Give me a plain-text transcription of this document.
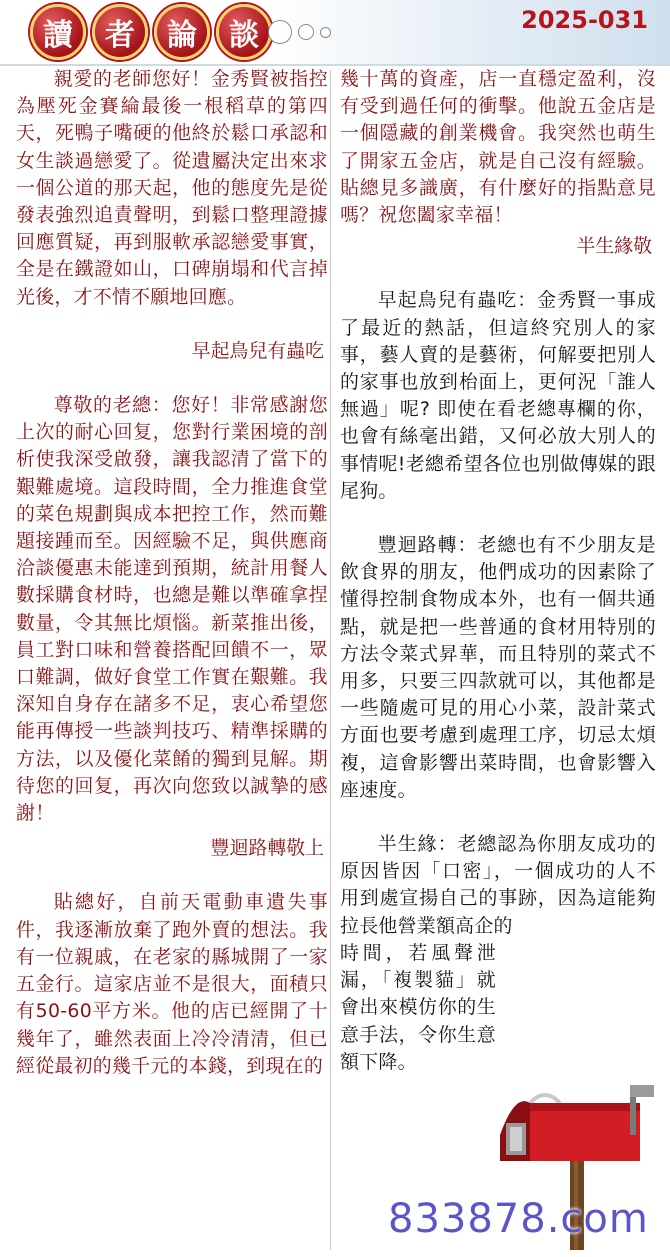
讀	者	論	談	2025-031

親愛的老師您好！金秀賢被指控為壓死金賽綸最後一根稻草的第四天，死鴨子嘴硬的他終於鬆口承認和女生談過戀愛了。從遺屬決定出來求一個公道的那天起，他的態度先是從發表強烈追責聲明，到鬆口整理證據回應質疑，再到服軟承認戀愛事實，全是在鐵證如山，口碑崩塌和代言掉光後，才不情不願地回應。

早起鳥兒有蟲吃

尊敬的老總：您好！非常感謝您上次的耐心回复，您對行業困境的剖析使我深受啟發，讓我認清了當下的艱難處境。這段時間，全力推進食堂的菜色規劃與成本把控工作，然而難題接踵而至。因經驗不足，與供應商洽談優惠未能達到預期，統計用餐人數採購食材時，也總是難以準確拿捏數量，令其無比煩惱。新菜推出後，員工對口味和營養搭配回饋不一，眾口難調，做好食堂工作實在艱難。我深知自身存在諸多不足，衷心希望您能再傳授一些談判技巧、精準採購的方法，以及優化菜餚的獨到見解。期待您的回复，再次向您致以誠摯的感謝！

豐迴路轉敬上

貼總好，自前天電動車遺失事件，我逐漸放棄了跑外賣的想法。我有一位親戚，在老家的縣城開了一家五金行。這家店並不是很大，面積只有50-60平方米。他的店已經開了十幾年了，雖然表面上冷冷清清，但已經從最初的幾千元的本錢，到現在的

幾十萬的資產，店一直穩定盈利，沒有受到過任何的衝擊。他說五金店是一個隱藏的創業機會。我突然也萌生了開家五金店，就是自己沒有經驗。貼總見多識廣，有什麼好的指點意見嗎？祝您闔家幸福！

半生緣敬

早起鳥兒有蟲吃：金秀賢一事成了最近的熱話，但這終究別人的家事，藝人賣的是藝術，何解要把別人的家事也放到枱面上，更何況「誰人無過」呢? 即使在看老總專欄的你，也會有絲毫出錯，又何必放大別人的事情呢!老總希望各位也別做傳媒的跟尾狗。

豐迴路轉：老總也有不少朋友是飲食界的朋友，他們成功的因素除了懂得控制食物成本外，也有一個共通點，就是把一些普通的食材用特別的方法令菜式昇華，而且特別的菜式不用多，只要三四款就可以，其他都是一些隨處可見的用心小菜，設計菜式方面也要考慮到處理工序，切忌太煩複，這會影響出菜時間，也會影響入座速度。

半生緣：老總認為你朋友成功的原因皆因「口密」，一個成功的人不用到處宣揚自己的事跡，因為這能夠拉長他營業額高企的

時間，若風聲泄漏，「複製貓」就會出來模仿你的生意手法，令你生意額下降。

833878.com
